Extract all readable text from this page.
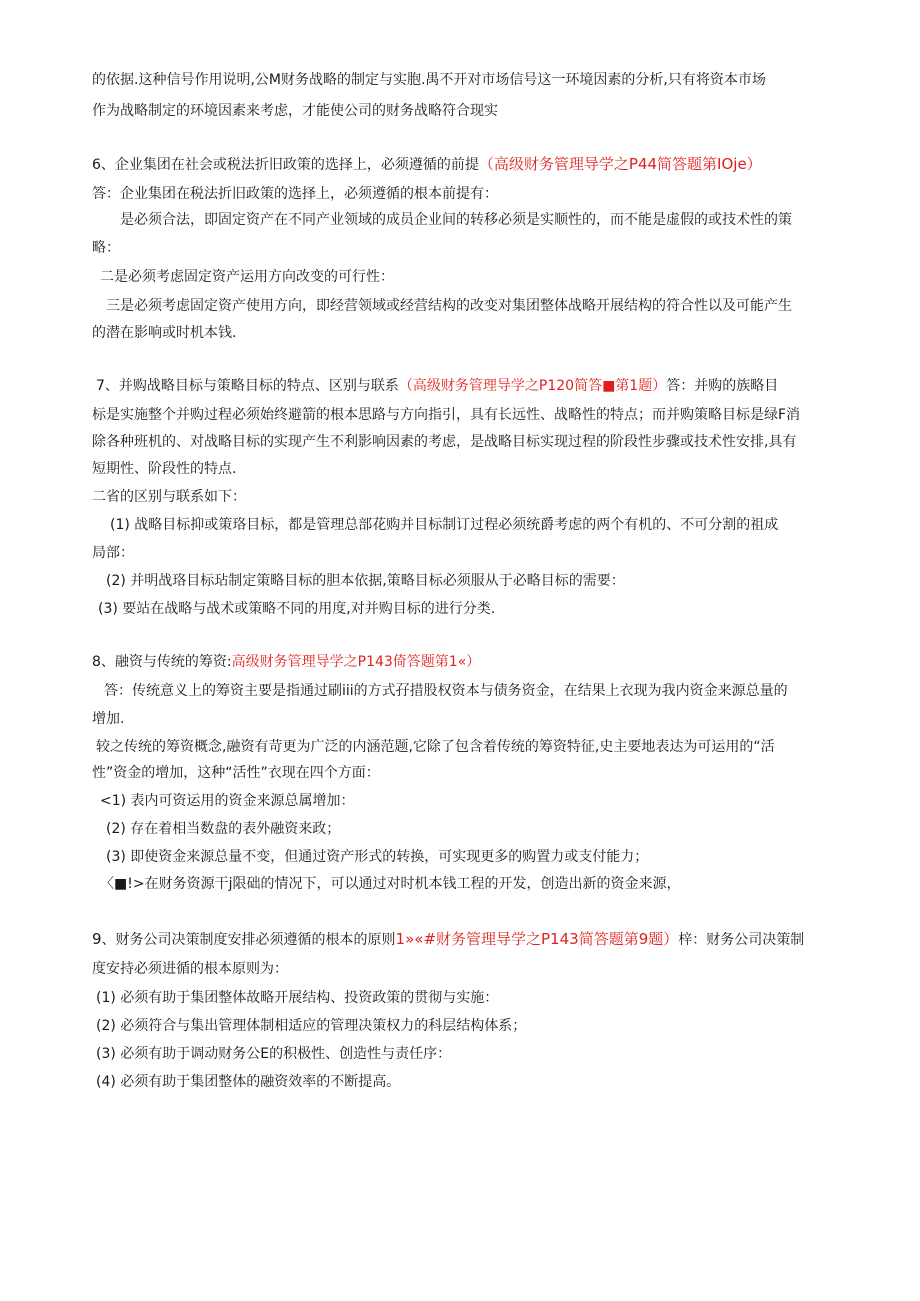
的依据.这种信号作用说明,公M财务战略的制定与实胞.禺不开对市场信号这一环境因素的分析,只有将资本市场

作为战略制定的环境因素来考虑，才能使公司的财务战略符合现实

6、企业集团在社会或税法折旧政策的选择上，必须遵循的前提（高级财务管理导学之P44简答题第IOje）

答：企业集团在税法折旧政策的选择上，必须遵循的根本前提有：

是必须合法，即固定资产在不同产业领域的成员企业间的转移必须是实顺性的，而不能是虚假的或技术性的策

略：

二是必须考虑固定资产运用方向改变的可行性：

三是必须考虑固定资产使用方向，即经营领域或经营结构的改变对集团整体战略开展结构的符合性以及可能产生

的潜在影响或时机本钱.

7、并购战略目标与策略目标的特点、区别与联系（高级财务管理导学之P120简答■第1题）答：并购的族略目

标是实施整个并购过程必须始终避箭的根本思路与方向指引，具有长远性、战略性的特点；而并购策略目标是绿F消

除各种班机的、对战略目标的实现产生不利影响因素的考虑，是战略目标实现过程的阶段性步骤或技术性安排,具有

短期性、阶段性的特点.

二省的区别与联系如下：

(1) 战略目标抑或策珞目标，都是管理总部花购并目标制订过程必须统爵考虑的两个有机的、不可分割的祖成

局部：

(2) 并明战珞目标玷制定策略目标的胆本依据,策略目标必须服从于必略目标的需要：

(3) 要站在战略与战术或策略不同的用度,对并购目标的进行分类.

8、融资与传统的筹资:高级财务管理导学之P143倚答题第1«）

答：传统意义上的筹资主要是指通过刷iii的方式孖措股权资本与债务资金，在结果上衣现为我内资金来源总量的

增加.

较之传统的筹资概念,融资有苛更为广泛的内涵范题,它除了包含着传统的筹资特征,史主要地表达为可运用的“活

性”资金的增加，这种“活性”衣现在四个方面：

<1) 表内可资运用的资金来源总属增加：

(2) 存在着相当数盘的表外融资来政；

(3) 即使资金来源总量不变，但通过资产形式的转换，可实现更多的购置力或支付能力；

〈■!>在财务资源干j限础的情况下，可以通过对时机本钱工程的开发，创造出新的资金来源，

9、财务公司决策制度安排必须遵循的根本的原则1»«#财务管理导学之P143简答题第9题）梓：财务公司决策制

度安持必须进循的根本原则为：

(1) 必须有助于集团整体故略开展结构、投资政策的贯彻与实施：

(2) 必须符合与集出管理体制相适应的管理决策权力的科层结构体系；

(3) 必须有助于调动财务公E的积极性、创造性与责任序：

(4) 必须有助于集团整体的融资效率的不断提高。
